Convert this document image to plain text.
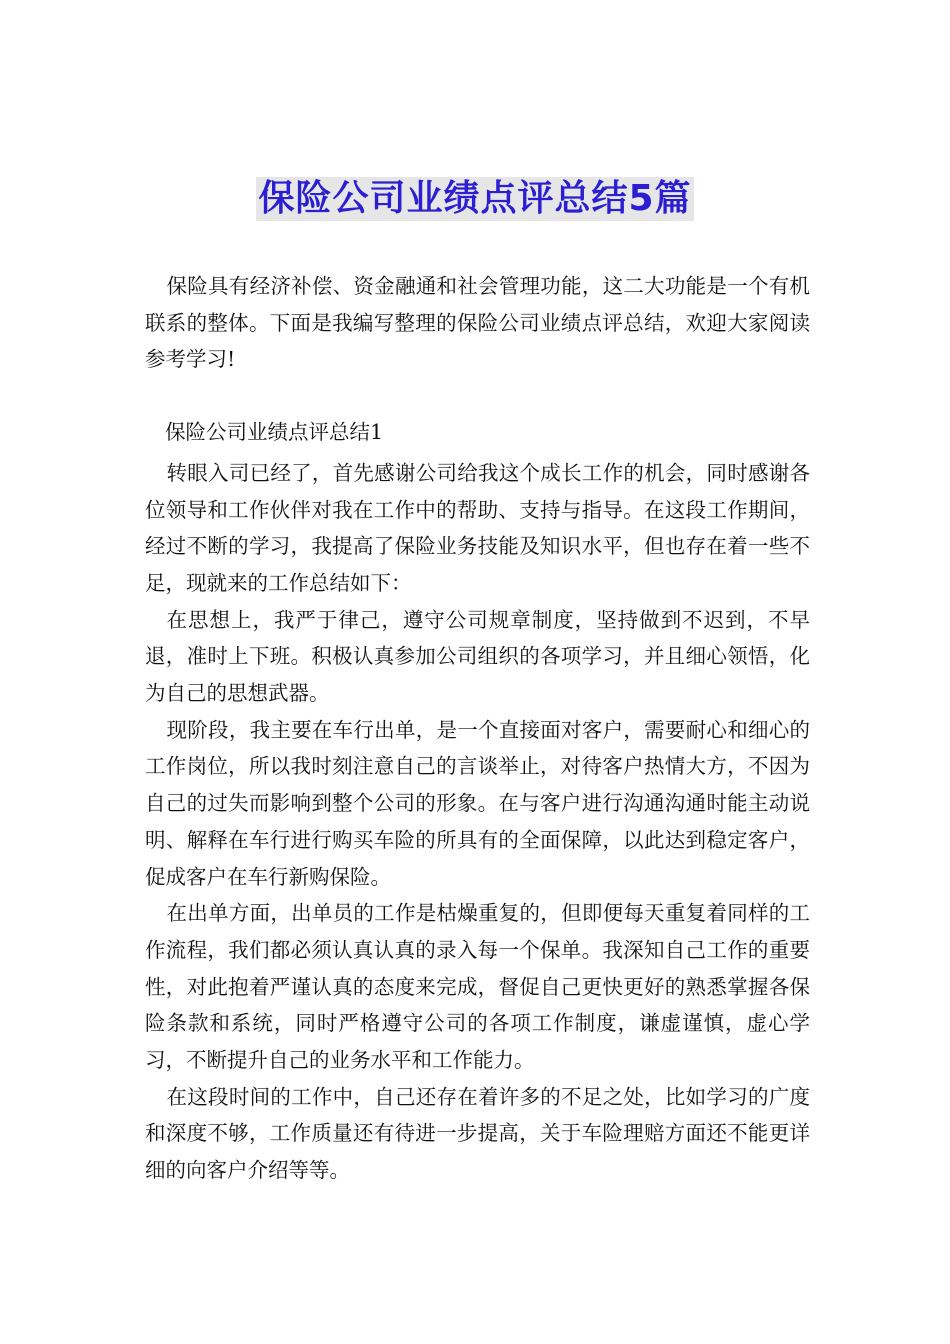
保险公司业绩点评总结5篇

保险具有经济补偿、资金融通和社会管理功能，这二大功能是一个有机联系的整体。下面是我编写整理的保险公司业绩点评总结，欢迎大家阅读参考学习!

保险公司业绩点评总结1

转眼入司已经了，首先感谢公司给我这个成长工作的机会，同时感谢各位领导和工作伙伴对我在工作中的帮助、支持与指导。在这段工作期间，经过不断的学习，我提高了保险业务技能及知识水平，但也存在着一些不足，现就来的工作总结如下：

在思想上，我严于律己，遵守公司规章制度，坚持做到不迟到，不早退，准时上下班。积极认真参加公司组织的各项学习，并且细心领悟，化为自己的思想武器。

现阶段，我主要在车行出单，是一个直接面对客户，需要耐心和细心的工作岗位，所以我时刻注意自己的言谈举止，对待客户热情大方，不因为自己的过失而影响到整个公司的形象。在与客户进行沟通沟通时能主动说明、解释在车行进行购买车险的所具有的全面保障，以此达到稳定客户，促成客户在车行新购保险。

在出单方面，出单员的工作是枯燥重复的，但即便每天重复着同样的工作流程，我们都必须认真认真的录入每一个保单。我深知自己工作的重要性，对此抱着严谨认真的态度来完成，督促自己更快更好的熟悉掌握各保险条款和系统，同时严格遵守公司的各项工作制度，谦虚谨慎，虚心学习，不断提升自己的业务水平和工作能力。

在这段时间的工作中，自己还存在着许多的不足之处，比如学习的广度和深度不够，工作质量还有待进一步提高，关于车险理赔方面还不能更详细的向客户介绍等等。
